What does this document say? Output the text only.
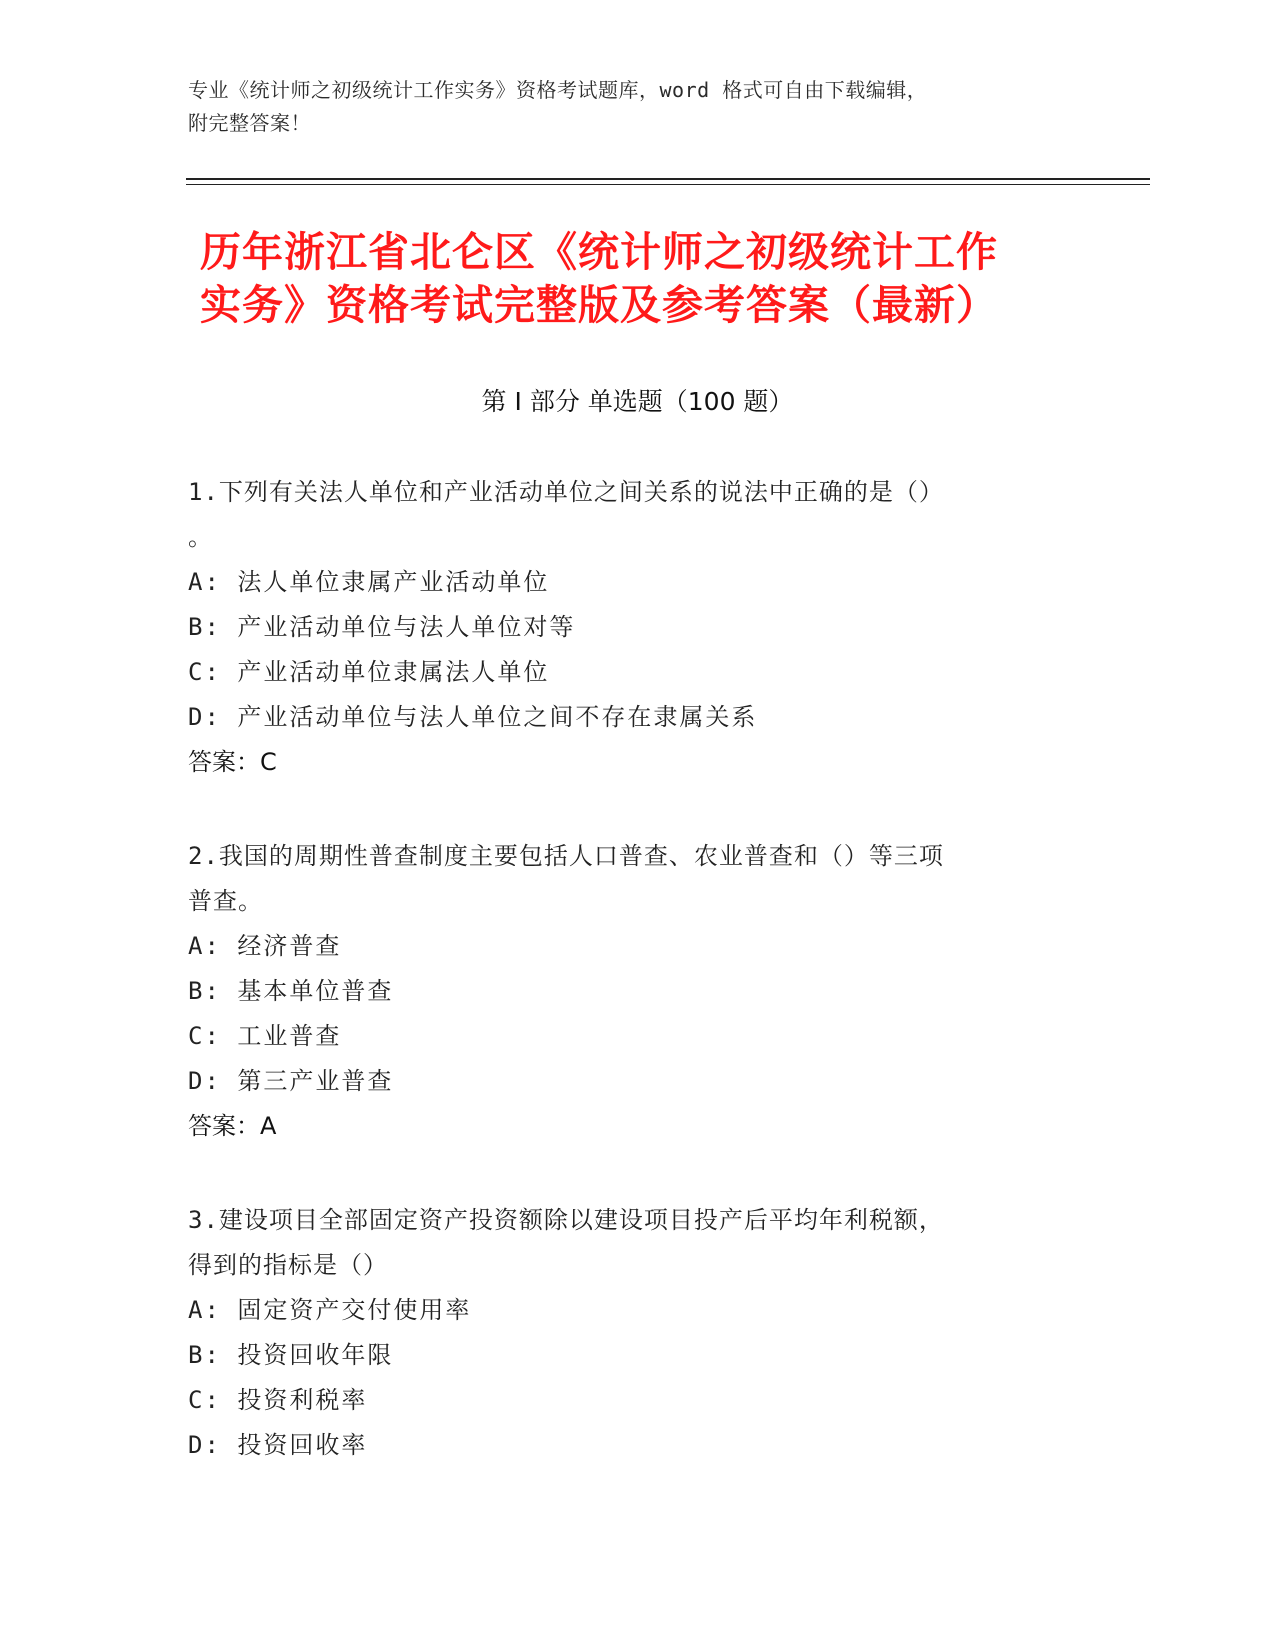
专业《统计师之初级统计工作实务》资格考试题库，word 格式可自由下载编辑，
附完整答案！
历年浙江省北仑区《统计师之初级统计工作
实务》资格考试完整版及参考答案（最新）
第 I 部分 单选题（100 题）
1.下列有关法人单位和产业活动单位之间关系的说法中正确的是（）
。
A: 法人单位隶属产业活动单位
B: 产业活动单位与法人单位对等
C: 产业活动单位隶属法人单位
D: 产业活动单位与法人单位之间不存在隶属关系
答案：C
2.我国的周期性普查制度主要包括人口普查、农业普查和（）等三项
普查。
A: 经济普查
B: 基本单位普查
C: 工业普查
D: 第三产业普查
答案：A
3.建设项目全部固定资产投资额除以建设项目投产后平均年利税额，
得到的指标是（）
A: 固定资产交付使用率
B: 投资回收年限
C: 投资利税率
D: 投资回收率
